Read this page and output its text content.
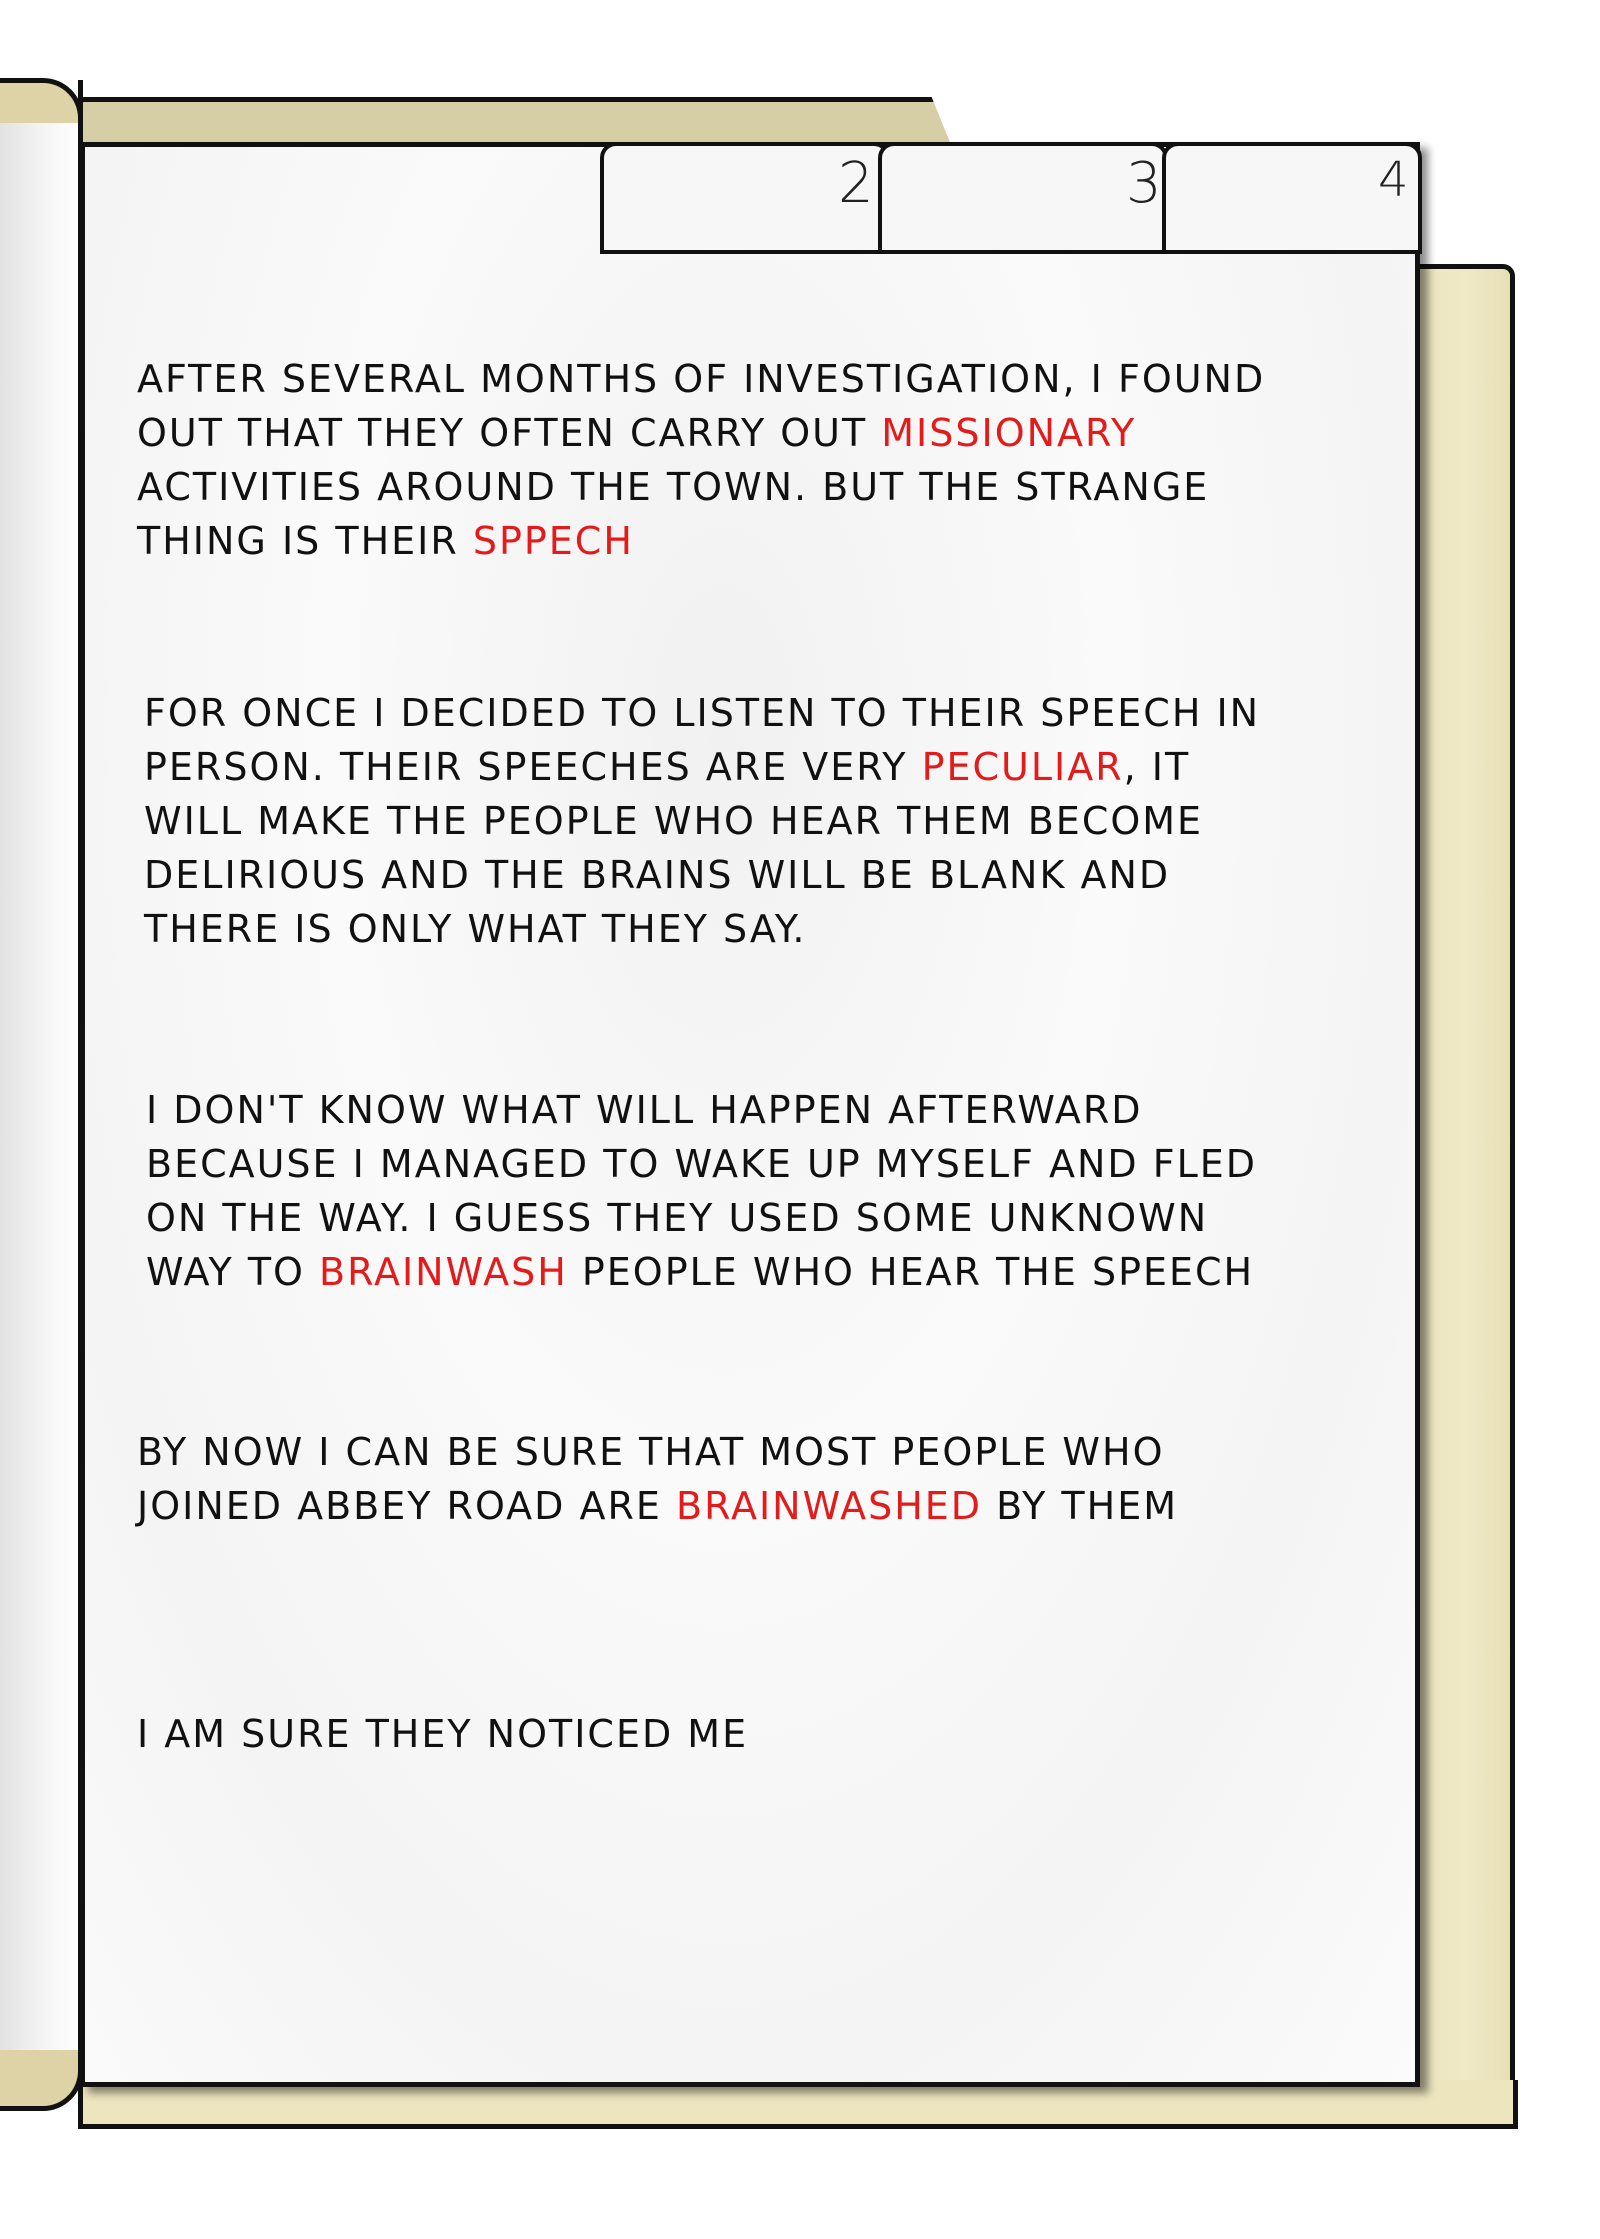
2	3	4
AFTER SEVERAL MONTHS OF INVESTIGATION, I FOUND
OUT THAT THEY OFTEN CARRY OUT MISSIONARY
ACTIVITIES AROUND THE TOWN. BUT THE STRANGE
THING IS THEIR SPPECH
FOR ONCE I DECIDED TO LISTEN TO THEIR SPEECH IN
PERSON. THEIR SPEECHES ARE VERY PECULIAR, IT
WILL MAKE THE PEOPLE WHO HEAR THEM BECOME
DELIRIOUS AND THE BRAINS WILL BE BLANK AND
THERE IS ONLY WHAT THEY SAY.
I DON'T KNOW WHAT WILL HAPPEN AFTERWARD
BECAUSE I MANAGED TO WAKE UP MYSELF AND FLED
ON THE WAY. I GUESS THEY USED SOME UNKNOWN
WAY TO BRAINWASH PEOPLE WHO HEAR THE SPEECH
BY NOW I CAN BE SURE THAT MOST PEOPLE WHO
JOINED ABBEY ROAD ARE BRAINWASHED BY THEM
I AM SURE THEY NOTICED ME
